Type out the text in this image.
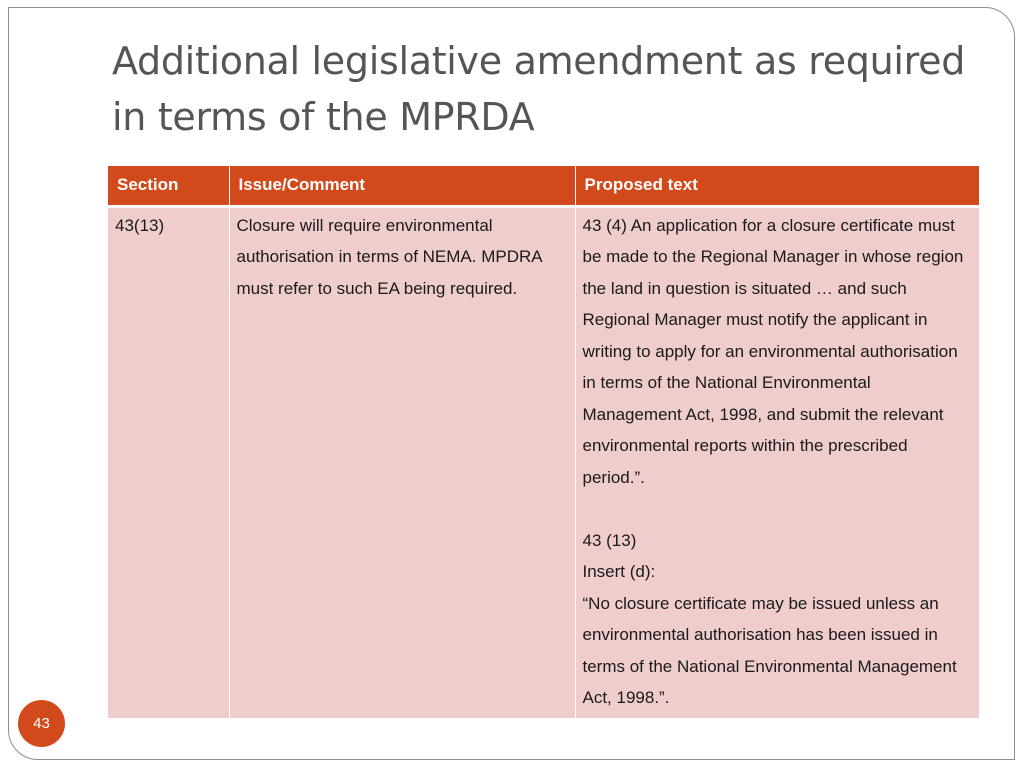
Additional legislative amendment as required in terms of the MPRDA
Section	Issue/Comment	Proposed text
43(13)	Closure will require environmental authorisation in terms of NEMA. MPDRA must refer to such EA being required.	43 (4) An application for a closure certificate must be made to the Regional Manager in whose region the land in question is situated … and such Regional Manager must notify the applicant in writing to apply for an environmental authorisation in terms of the National Environmental Management Act, 1998, and submit the relevant environmental reports within the prescribed period.”.
43 (13)
Insert (d):
“No closure certificate may be issued unless an environmental authorisation has been issued in terms of the National Environmental Management Act, 1998.”.
43
